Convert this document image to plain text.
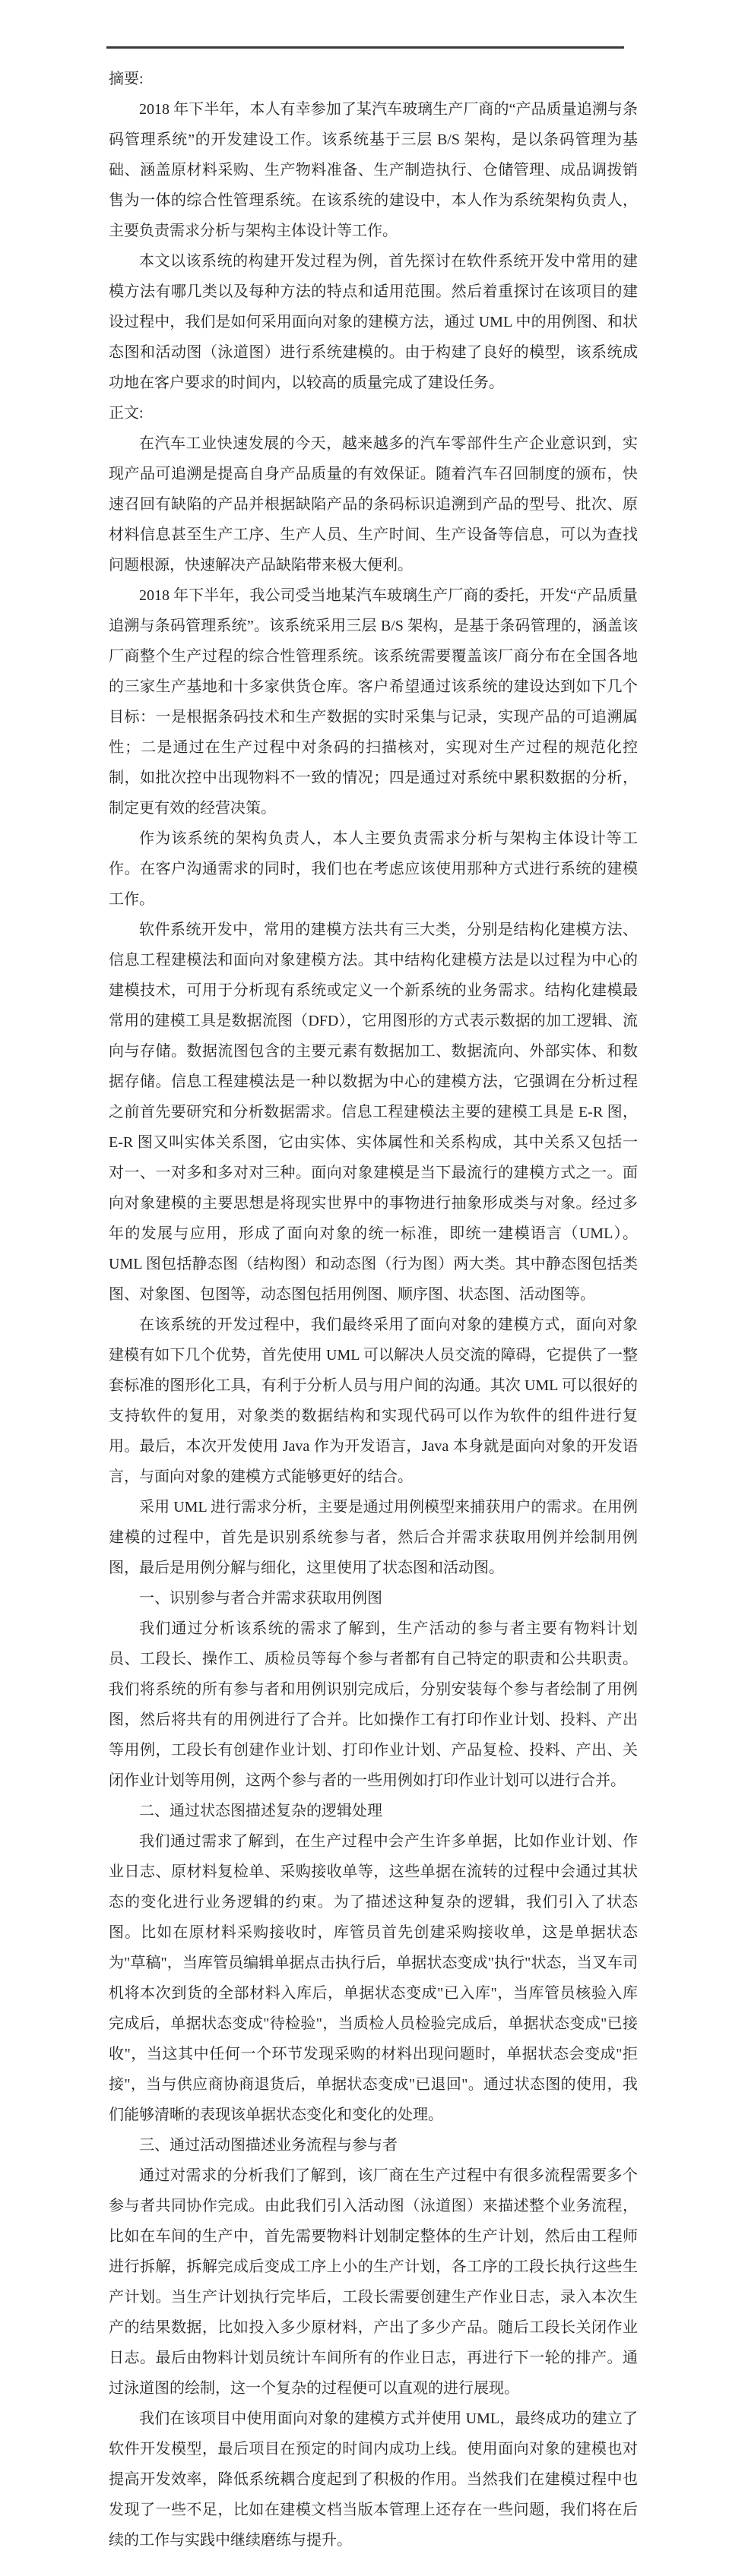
摘要:

2018 年下半年，本人有幸参加了某汽车玻璃生产厂商的“产品质量追溯与条码管理系统”的开发建设工作。该系统基于三层 B/S 架构，是以条码管理为基础、涵盖原材料采购、生产物料准备、生产制造执行、仓储管理、成品调拨销售为一体的综合性管理系统。在该系统的建设中，本人作为系统架构负责人，主要负责需求分析与架构主体设计等工作。

本文以该系统的构建开发过程为例，首先探讨在软件系统开发中常用的建模方法有哪几类以及每种方法的特点和适用范围。然后着重探讨在该项目的建设过程中，我们是如何采用面向对象的建模方法，通过 UML 中的用例图、和状态图和活动图（泳道图）进行系统建模的。由于构建了良好的模型，该系统成功地在客户要求的时间内，以较高的质量完成了建设任务。

正文:

在汽车工业快速发展的今天，越来越多的汽车零部件生产企业意识到，实现产品可追溯是提高自身产品质量的有效保证。随着汽车召回制度的颁布，快速召回有缺陷的产品并根据缺陷产品的条码标识追溯到产品的型号、批次、原材料信息甚至生产工序、生产人员、生产时间、生产设备等信息，可以为查找问题根源，快速解决产品缺陷带来极大便利。

2018 年下半年，我公司受当地某汽车玻璃生产厂商的委托，开发“产品质量追溯与条码管理系统”。该系统采用三层 B/S 架构，是基于条码管理的，涵盖该厂商整个生产过程的综合性管理系统。该系统需要覆盖该厂商分布在全国各地的三家生产基地和十多家供货仓库。客户希望通过该系统的建设达到如下几个目标：一是根据条码技术和生产数据的实时采集与记录，实现产品的可追溯属性；二是通过在生产过程中对条码的扫描核对，实现对生产过程的规范化控制，如批次控中出现物料不一致的情况；四是通过对系统中累积数据的分析，制定更有效的经营决策。

作为该系统的架构负责人，本人主要负责需求分析与架构主体设计等工作。在客户沟通需求的同时，我们也在考虑应该使用那种方式进行系统的建模工作。

软件系统开发中，常用的建模方法共有三大类，分别是结构化建模方法、信息工程建模法和面向对象建模方法。其中结构化建模方法是以过程为中心的建模技术，可用于分析现有系统或定义一个新系统的业务需求。结构化建模最常用的建模工具是数据流图（DFD），它用图形的方式表示数据的加工逻辑、流向与存储。数据流图包含的主要元素有数据加工、数据流向、外部实体、和数据存储。信息工程建模法是一种以数据为中心的建模方法，它强调在分析过程之前首先要研究和分析数据需求。信息工程建模法主要的建模工具是 E-R 图，E-R 图又叫实体关系图，它由实体、实体属性和关系构成，其中关系又包括一对一、一对多和多对对三种。面向对象建模是当下最流行的建模方式之一。面向对象建模的主要思想是将现实世界中的事物进行抽象形成类与对象。经过多年的发展与应用，形成了面向对象的统一标准，即统一建模语言（UML）。UML 图包括静态图（结构图）和动态图（行为图）两大类。其中静态图包括类图、对象图、包图等，动态图包括用例图、顺序图、状态图、活动图等。

在该系统的开发过程中，我们最终采用了面向对象的建模方式，面向对象建模有如下几个优势，首先使用 UML 可以解决人员交流的障碍，它提供了一整套标准的图形化工具，有利于分析人员与用户间的沟通。其次 UML 可以很好的支持软件的复用，对象类的数据结构和实现代码可以作为软件的组件进行复用。最后，本次开发使用 Java 作为开发语言，Java 本身就是面向对象的开发语言，与面向对象的建模方式能够更好的结合。

采用 UML 进行需求分析，主要是通过用例模型来捕获用户的需求。在用例建模的过程中，首先是识别系统参与者，然后合并需求获取用例并绘制用例图，最后是用例分解与细化，这里使用了状态图和活动图。

一、识别参与者合并需求获取用例图

我们通过分析该系统的需求了解到，生产活动的参与者主要有物料计划员、工段长、操作工、质检员等每个参与者都有自己特定的职责和公共职责。我们将系统的所有参与者和用例识别完成后，分别安装每个参与者绘制了用例图，然后将共有的用例进行了合并。比如操作工有打印作业计划、投料、产出等用例，工段长有创建作业计划、打印作业计划、产品复检、投料、产出、关闭作业计划等用例，这两个参与者的一些用例如打印作业计划可以进行合并。

二、通过状态图描述复杂的逻辑处理

我们通过需求了解到，在生产过程中会产生许多单据，比如作业计划、作业日志、原材料复检单、采购接收单等，这些单据在流转的过程中会通过其状态的变化进行业务逻辑的约束。为了描述这种复杂的逻辑，我们引入了状态图。比如在原材料采购接收时，库管员首先创建采购接收单，这是单据状态为"草稿"，当库管员编辑单据点击执行后，单据状态变成"执行"状态，当叉车司机将本次到货的全部材料入库后，单据状态变成"已入库"，当库管员核验入库完成后，单据状态变成"待检验"，当质检人员检验完成后，单据状态变成"已接收"，当这其中任何一个环节发现采购的材料出现问题时，单据状态会变成"拒接"，当与供应商协商退货后，单据状态变成"已退回"。通过状态图的使用，我们能够清晰的表现该单据状态变化和变化的处理。

三、通过活动图描述业务流程与参与者

通过对需求的分析我们了解到，该厂商在生产过程中有很多流程需要多个参与者共同协作完成。由此我们引入活动图（泳道图）来描述整个业务流程，比如在车间的生产中，首先需要物料计划制定整体的生产计划，然后由工程师进行拆解，拆解完成后变成工序上小的生产计划，各工序的工段长执行这些生产计划。当生产计划执行完毕后，工段长需要创建生产作业日志，录入本次生产的结果数据，比如投入多少原材料，产出了多少产品。随后工段长关闭作业日志。最后由物料计划员统计车间所有的作业日志，再进行下一轮的排产。通过泳道图的绘制，这一个复杂的过程便可以直观的进行展现。

我们在该项目中使用面向对象的建模方式并使用 UML，最终成功的建立了软件开发模型，最后项目在预定的时间内成功上线。使用面向对象的建模也对提高开发效率，降低系统耦合度起到了积极的作用。当然我们在建模过程中也发现了一些不足，比如在建模文档当版本管理上还存在一些问题，我们将在后续的工作与实践中继续磨练与提升。
